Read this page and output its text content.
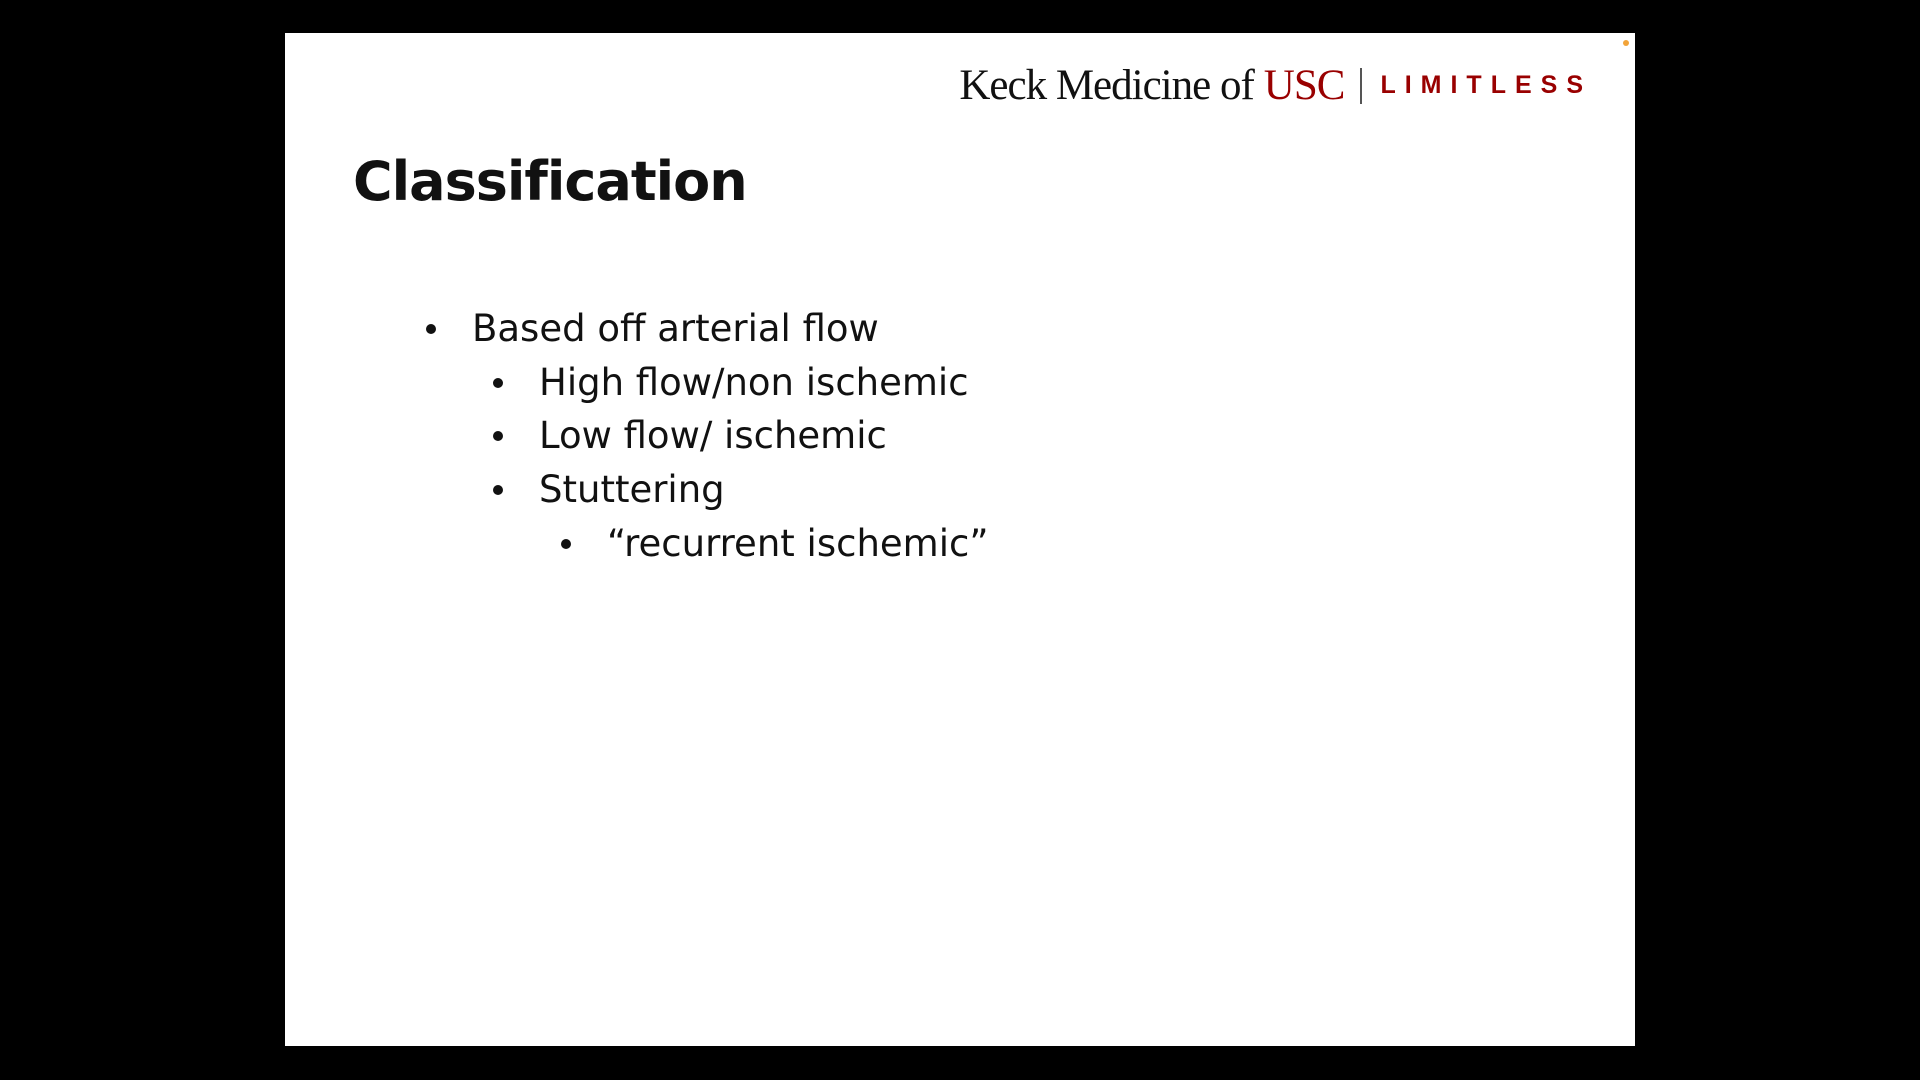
Keck Medicine of USC LIMITLESS
Classification
Based off arterial flow
High flow/non ischemic
Low flow/ ischemic
Stuttering
“recurrent ischemic”
